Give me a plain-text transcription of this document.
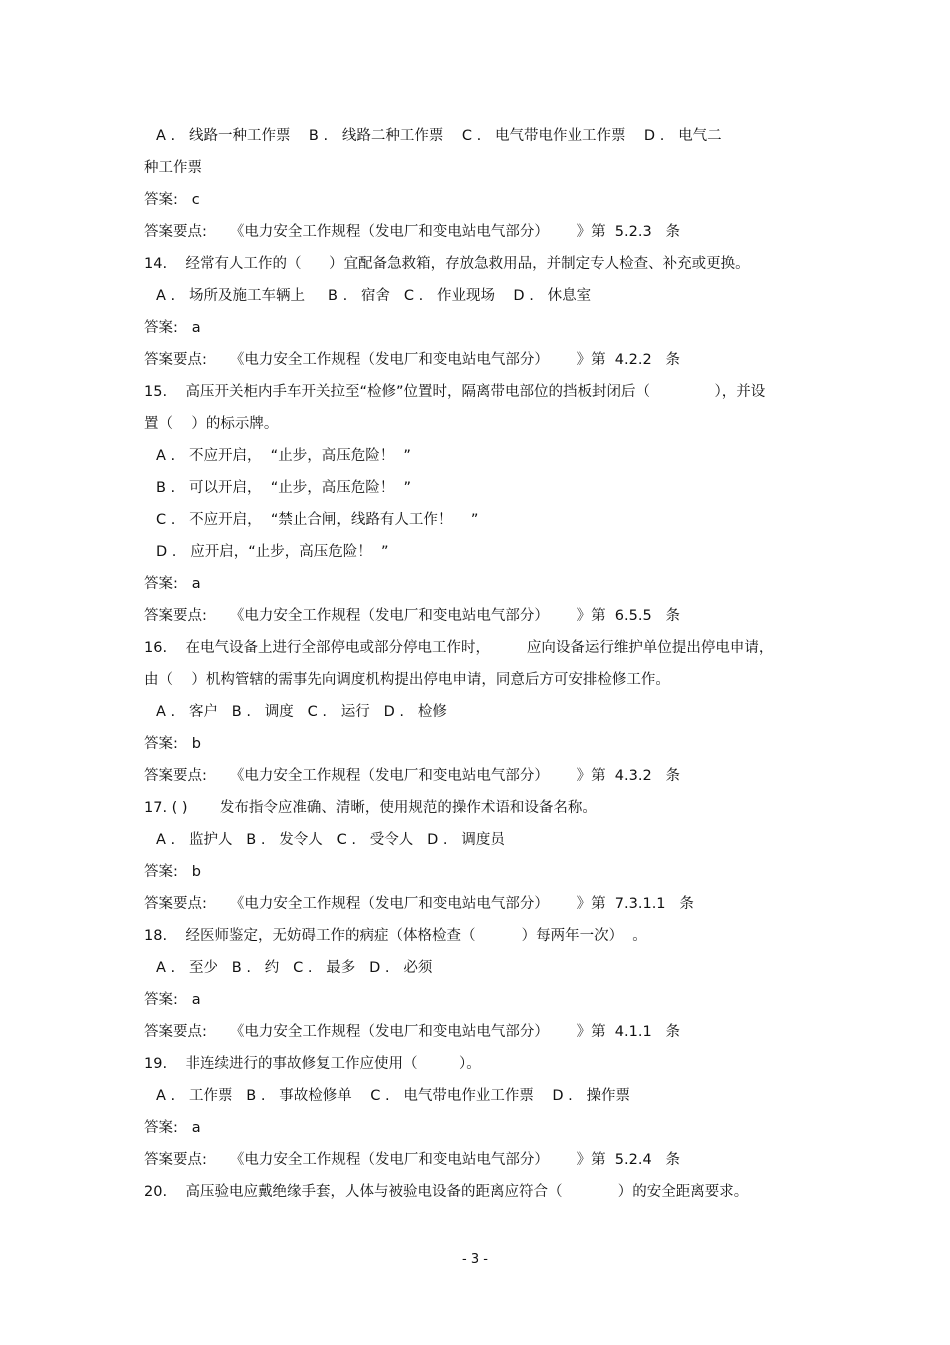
A .   线路一种工作票    B .   线路二种工作票    C .   电气带电作业工作票    D .   电气二
种工作票
答案:   c
答案要点:     《电力安全工作规程（发电厂和变电站电气部分）      》第  5.2.3   条
14.    经常有人工作的（      ）宜配备急救箱，存放急救用品，并制定专人检查、补充或更换。
A .   场所及施工车辆上     B .   宿舍   C .   作业现场    D .   休息室
答案:   a
答案要点:     《电力安全工作规程（发电厂和变电站电气部分）      》第  4.2.2   条
15.    高压开关柜内手车开关拉至“检修”位置时，隔离带电部位的挡板封闭后（              ），并设
置（    ）的标示牌。
A .   不应开启，  “止步，高压危险！  ”
B .   可以开启，  “止步，高压危险！  ”
C .   不应开启，  “禁止合闸，线路有人工作！    ”
D .   应开启，“止步，高压危险！  ”
答案:   a
答案要点:     《电力安全工作规程（发电厂和变电站电气部分）      》第  6.5.5   条
16.    在电气设备上进行全部停电或部分停电工作时，        应向设备运行维护单位提出停电申请，
由（    ）机构管辖的需事先向调度机构提出停电申请，同意后方可安排检修工作。
A .   客户   B .   调度   C .   运行   D .   检修
答案:   b
答案要点:     《电力安全工作规程（发电厂和变电站电气部分）      》第  4.3.2   条
17. ( )       发布指令应准确、清晰，使用规范的操作术语和设备名称。
A .   监护人   B .   发令人   C .   受令人   D .   调度员
答案:   b
答案要点:     《电力安全工作规程（发电厂和变电站电气部分）      》第  7.3.1.1   条
18.    经医师鉴定，无妨碍工作的病症（体格检查（          ）每两年一次）  。
A .   至少   B .   约   C .   最多   D .   必须
答案:   a
答案要点:     《电力安全工作规程（发电厂和变电站电气部分）      》第  4.1.1   条
19.    非连续进行的事故修复工作应使用（         ）。
A .   工作票   B .   事故检修单    C .   电气带电作业工作票    D .   操作票
答案:   a
答案要点:     《电力安全工作规程（发电厂和变电站电气部分）      》第  5.2.4   条
20.    高压验电应戴绝缘手套，人体与被验电设备的距离应符合（            ）的安全距离要求。
- 3 -
